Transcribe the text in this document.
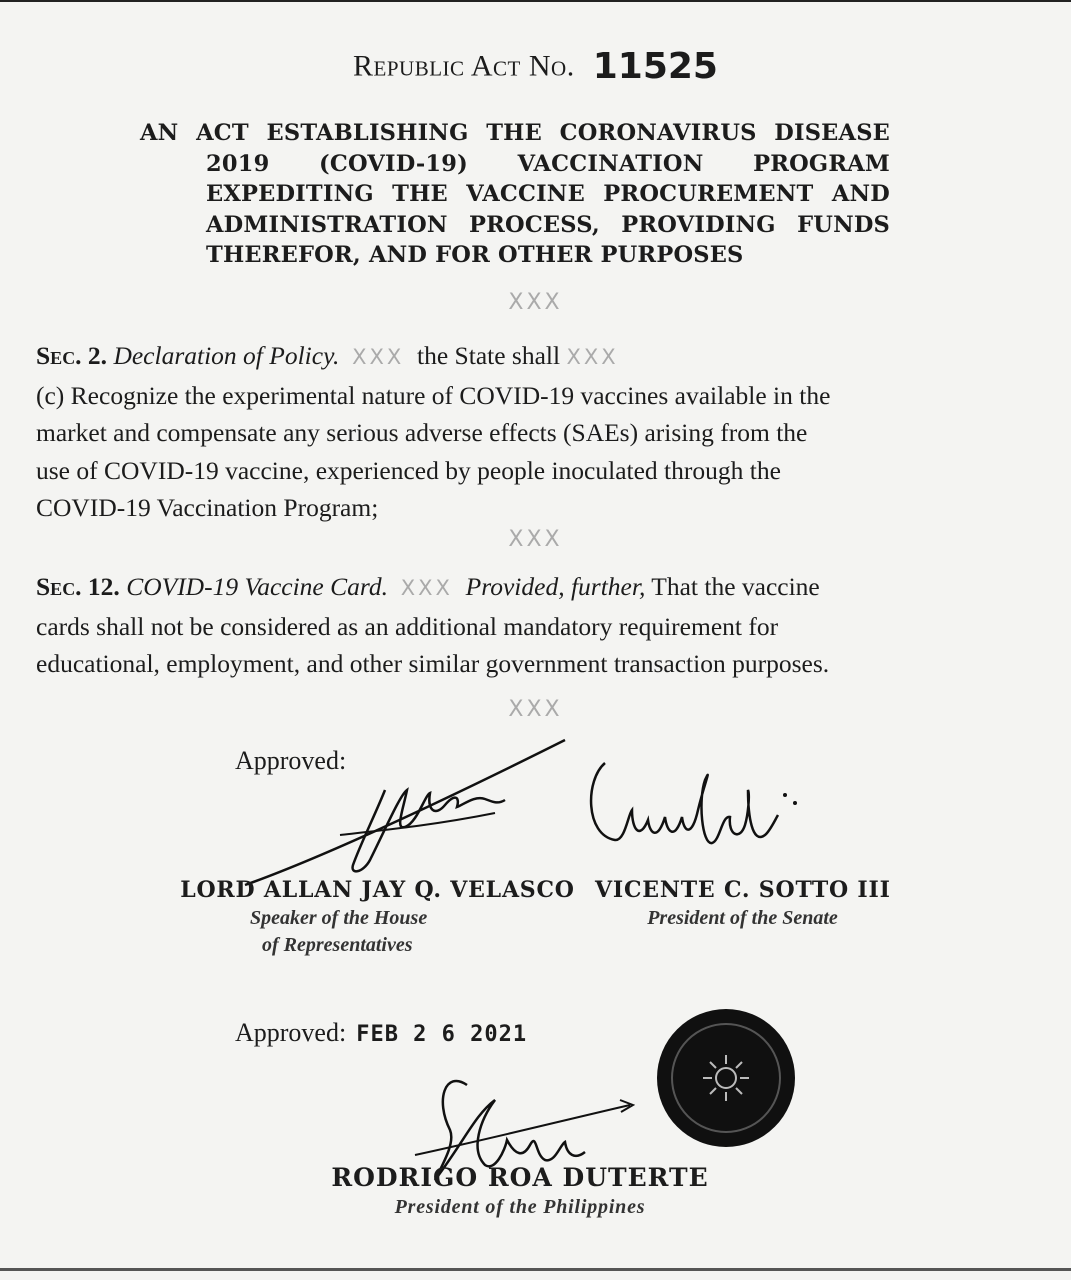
Republic Act No. 11525
AN ACT ESTABLISHING THE CORONAVIRUS DISEASE
2019 (COVID-19) VACCINATION PROGRAM
EXPEDITING THE VACCINE PROCUREMENT AND
ADMINISTRATION PROCESS, PROVIDING FUNDS
THEREFOR, AND FOR OTHER PURPOSES
XXX
Sec. 2. Declaration of Policy. XXX the State shall XXX
(c) Recognize the experimental nature of COVID-19 vaccines available in the
market and compensate any serious adverse effects (SAEs) arising from the
use of COVID-19 vaccine, experienced by people inoculated through the
COVID-19 Vaccination Program;
XXX
Sec. 12. COVID-19 Vaccine Card. XXX Provided, further, That the vaccine
cards shall not be considered as an additional mandatory requirement for
educational, employment, and other similar government transaction purposes.
XXX
Approved:
LORD ALLAN JAY Q. VELASCO
Speaker of the House
of Representatives
VICENTE C. SOTTO III
President of the Senate
Approved: FEB 2 6 2021
RODRIGO ROA DUTERTE
President of the Philippines
